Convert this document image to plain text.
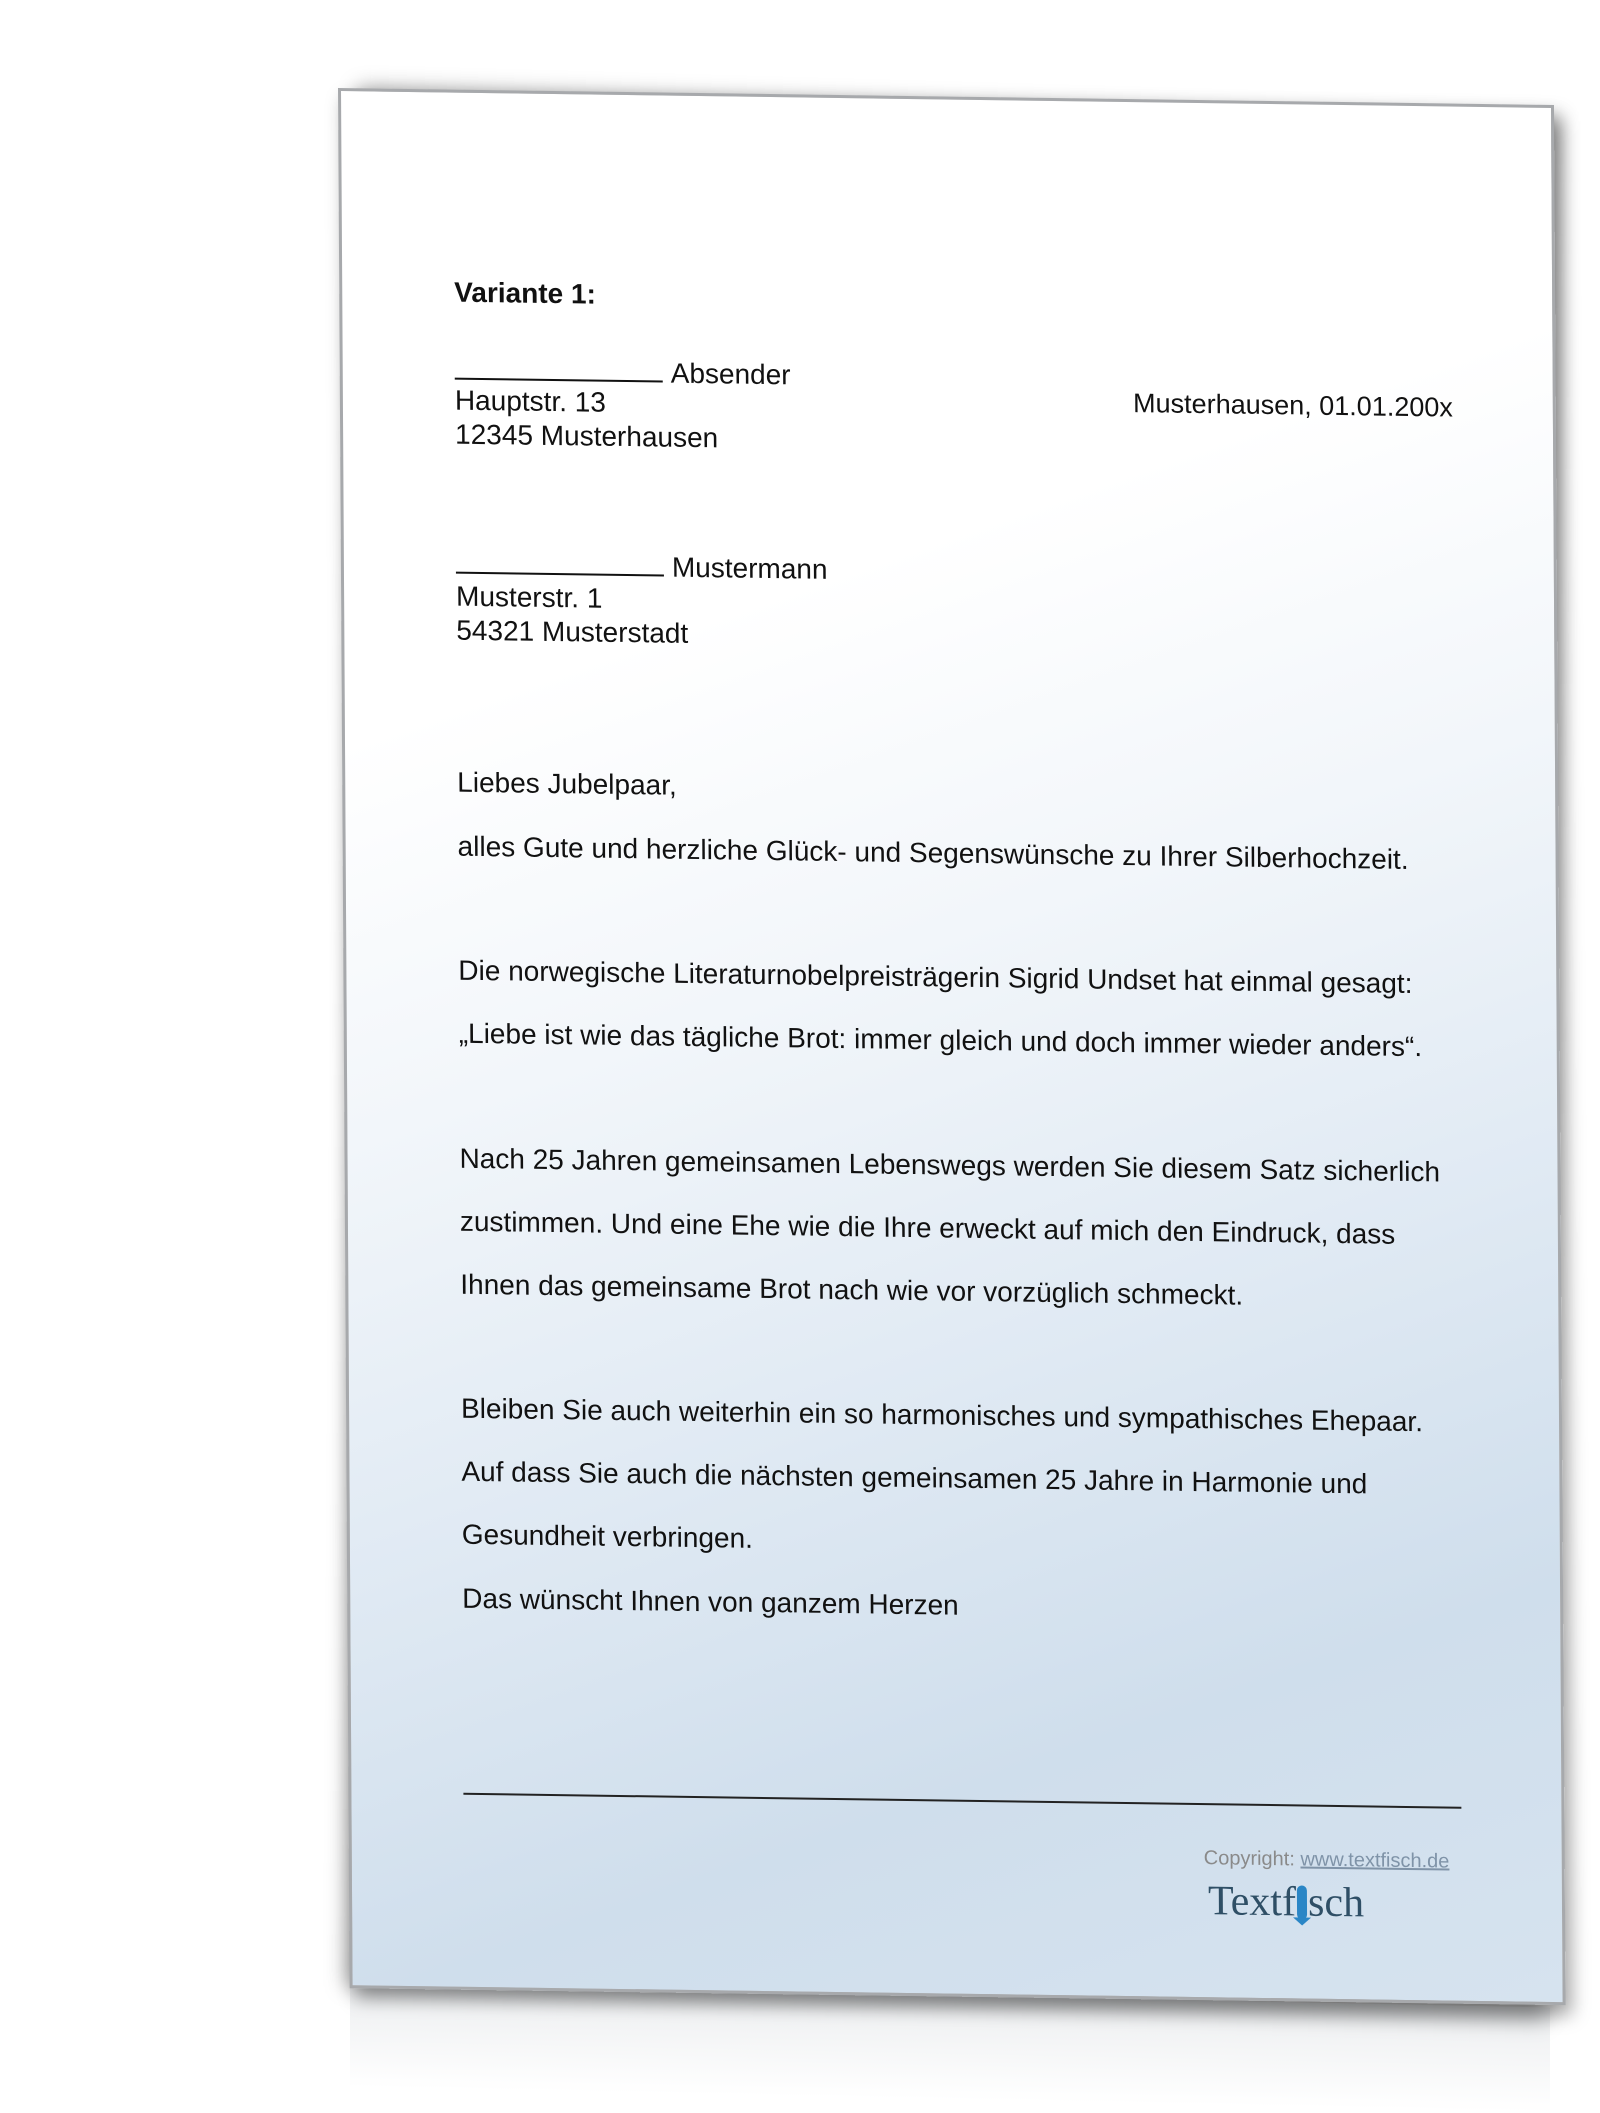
Variante 1:
Absender
Hauptstr. 13
12345 Musterhausen
Musterhausen, 01.01.200x
Mustermann
Musterstr. 1
54321 Musterstadt
Liebes Jubelpaar,
alles Gute und herzliche Glück- und Segenswünsche zu Ihrer Silberhochzeit.
Die norwegische Literaturnobelpreisträgerin Sigrid Undset hat einmal gesagt: „Liebe ist wie das tägliche Brot: immer gleich und doch immer wieder anders“.
Nach 25 Jahren gemeinsamen Lebenswegs werden Sie diesem Satz sicherlich zustimmen. Und eine Ehe wie die Ihre erweckt auf mich den Eindruck, dass Ihnen das gemeinsame Brot nach wie vor vorzüglich schmeckt.
Bleiben Sie auch weiterhin ein so harmonisches und sympathisches Ehepaar. Auf dass Sie auch die nächsten gemeinsamen 25 Jahre in Harmonie und Gesundheit verbringen.
Das wünscht Ihnen von ganzem Herzen
Copyright: www.textfisch.de
Textf sch
